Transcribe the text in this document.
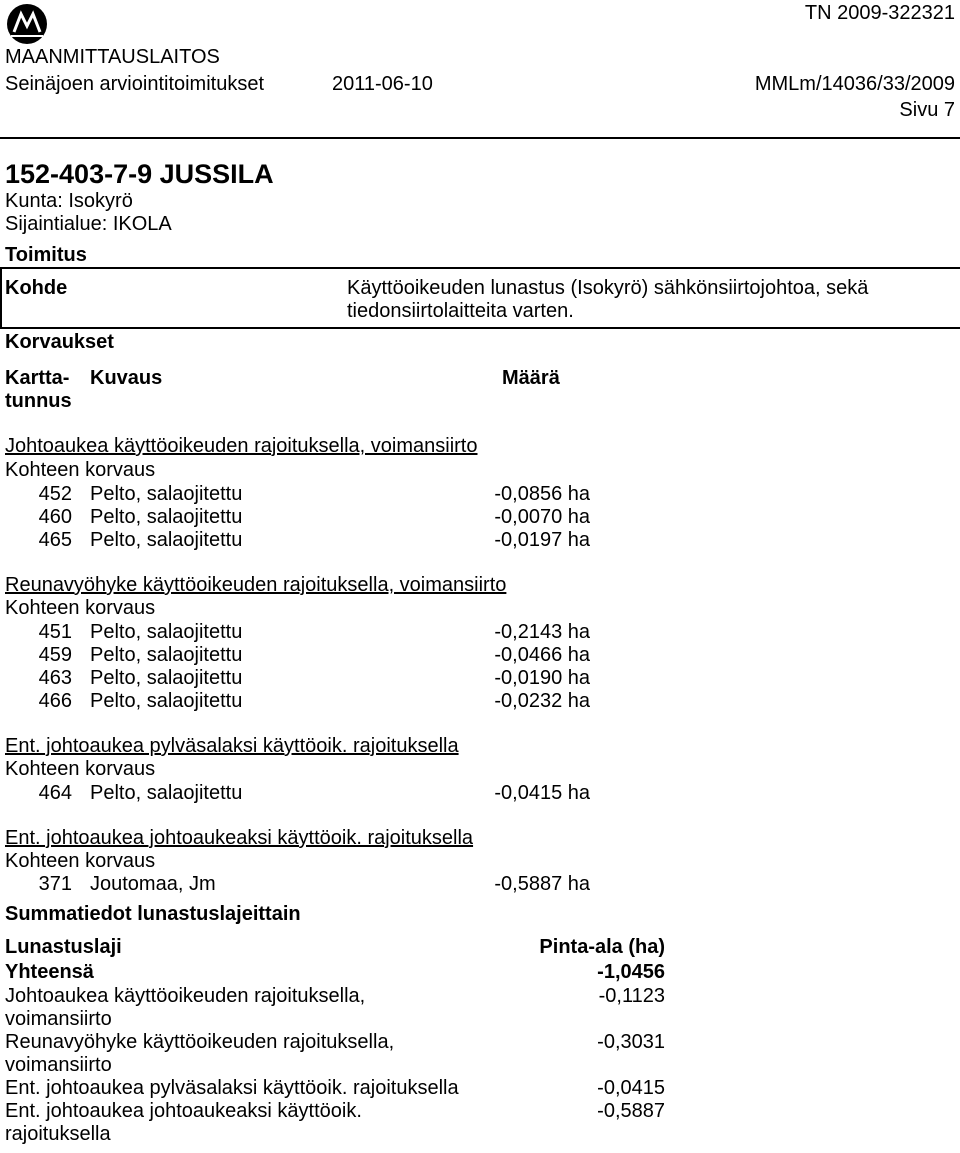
TN 2009-322321
MAANMITTAUSLAITOS
Seinäjoen arviointitoimitukset	2011-06-10	MMLm/14036/33/2009
Sivu 7
152-403-7-9 JUSSILA
Kunta: Isokyrö
Sijaintialue: IKOLA
Toimitus
Kohde	Käyttöoikeuden lunastus (Isokyrö) sähkönsiirtojohtoa, sekä
tiedonsiirtolaitteita varten.
Korvaukset
Kartta-
tunnus
Kuvaus	Määrä
Johtoaukea käyttöoikeuden rajoituksella, voimansiirto
Kohteen korvaus
452 Pelto, salaojitettu	-0,0856 ha
460 Pelto, salaojitettu	-0,0070 ha
465 Pelto, salaojitettu	-0,0197 ha
Reunavyöhyke käyttöoikeuden rajoituksella, voimansiirto
Kohteen korvaus
451 Pelto, salaojitettu	-0,2143 ha
459 Pelto, salaojitettu	-0,0466 ha
463 Pelto, salaojitettu	-0,0190 ha
466 Pelto, salaojitettu	-0,0232 ha
Ent. johtoaukea pylväsalaksi käyttöoik. rajoituksella
Kohteen korvaus
464 Pelto, salaojitettu	-0,0415 ha
Ent. johtoaukea johtoaukeaksi käyttöoik. rajoituksella
Kohteen korvaus
371 Joutomaa, Jm	-0,5887 ha
Summatiedot lunastuslajeittain
Lunastuslaji	Pinta-ala (ha)
Yhteensä	-1,0456
Johtoaukea käyttöoikeuden rajoituksella, voimansiirto
-0,1123
Reunavyöhyke käyttöoikeuden rajoituksella, voimansiirto
-0,3031
Ent. johtoaukea pylväsalaksi käyttöoik. rajoituksella	-0,0415
Ent. johtoaukea johtoaukeaksi käyttöoik. rajoituksella
-0,5887
